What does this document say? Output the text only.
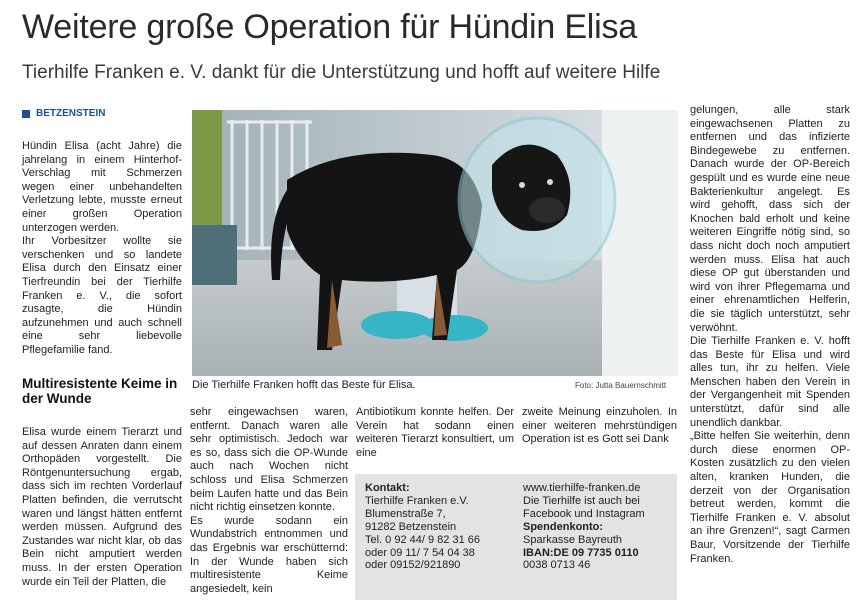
Weitere große Operation für Hündin Elisa
Tierhilfe Franken e. V. dankt für die Unterstützung und hofft auf weitere Hilfe
BETZENSTEIN

Hündin Elisa (acht Jahre) die jahrelang in einem Hinterhof-Verschlag mit Schmerzen wegen einer unbehandelten Verletzung lebte, musste erneut einer großen Operation unterzogen werden.

Ihr Vorbesitzer wollte sie verschenken und so landete Elisa durch den Einsatz einer Tierfreundin bei der Tierhilfe Franken e. V., die sofort zusagte, die Hündin aufzunehmen und auch schnell eine sehr liebevolle Pflegefamilie fand.

Multiresistente Keime in der Wunde

Elisa wurde einem Tierarzt und auf dessen Anraten dann einem Orthopäden vorgestellt. Die Röntgenuntersuchung ergab, dass sich im rechten Vorderlauf Platten befinden, die verrutscht waren und längst hätten entfernt werden müssen. Aufgrund des Zustandes war nicht klar, ob das Bein nicht amputiert werden muss. In der ersten Operation wurde ein Teil der Platten, die

Die Tierhilfe Franken hofft das Beste für Elisa.	Foto: Jutta Bauernschmitt

sehr eingewachsen waren, entfernt. Danach waren alle sehr optimistisch. Jedoch war es so, dass sich die OP-Wunde auch nach Wochen nicht schloss und Elisa Schmerzen beim Laufen hatte und das Bein nicht richtig einsetzen konnte.

Es wurde sodann ein Wundabstrich entnommen und das Ergebnis war erschütternd: In der Wunde haben sich multiresistente Keime angesiedelt, kein

Antibiotikum konnte helfen. Der Verein hat sodann einen weiteren Tierarzt konsultiert, um eine

zweite Meinung einzuholen. In einer weiteren mehrstündigen Operation ist es Gott sei Dank

Kontakt:
Tierhilfe Franken e.V.
Blumenstraße 7,
91282 Betzenstein
Tel. 0 92 44/ 9 82 31 66
oder 09 11/ 7 54 04 38
oder 09152/921890
www.tierhilfe-franken.de
Die Tierhilfe ist auch bei
Facebook und Instagram
Spendenkonto:
Sparkasse Bayreuth
IBAN:DE 09 7735 0110
0038 0713 46

gelungen, alle stark eingewachsenen Platten zu entfernen und das infizierte Bindegewebe zu entfernen. Danach wurde der OP-Bereich gespült und es wurde eine neue Bakterienkultur angelegt. Es wird gehofft, dass sich der Knochen bald erholt und keine weiteren Eingriffe nötig sind, so dass nicht doch noch amputiert werden muss. Elisa hat auch diese OP gut überstanden und wird von ihrer Pflegemama und einer ehrenamtlichen Helferin, die sie täglich unterstützt, sehr verwöhnt.

Die Tierhilfe Franken e. V. hofft das Beste für Elisa und wird alles tun, ihr zu helfen. Viele Menschen haben den Verein in der Vergangenheit mit Spenden unterstützt, dafür sind alle unendlich dankbar.

„Bitte helfen Sie weiterhin, denn durch diese enormen OP-Kosten zusätzlich zu den vielen alten, kranken Hunden, die derzeit von der Organisation betreut werden, kommt die Tierhilfe Franken e. V. absolut an ihre Grenzen!“, sagt Carmen Baur, Vorsitzende der Tierhilfe Franken.
